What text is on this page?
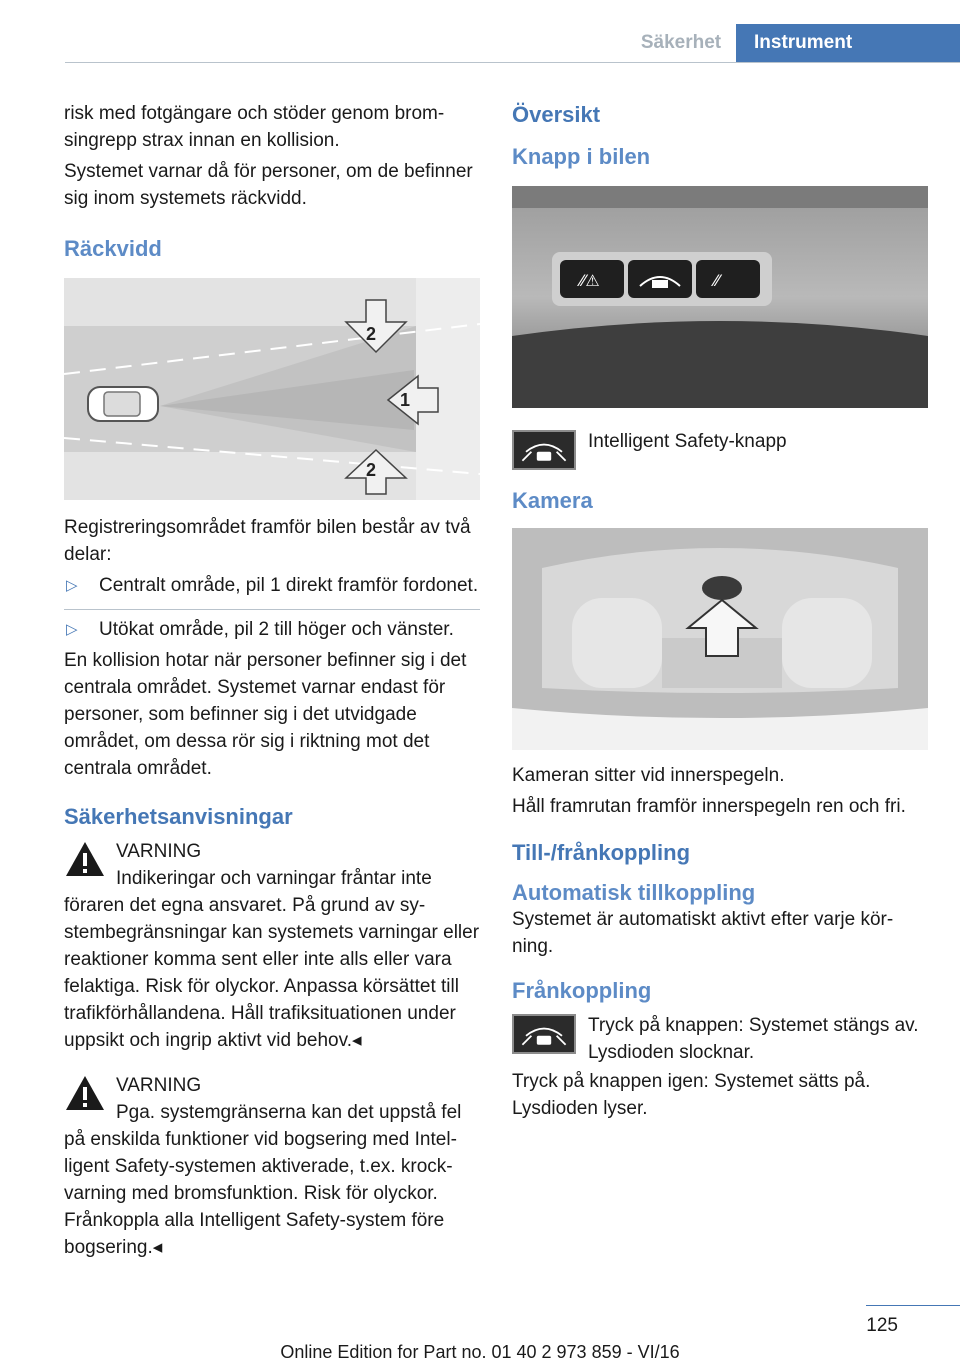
Säkerhet	Instrument

risk med fotgängare och stöder genom bromsingrepp strax innan en kollision.

Systemet varnar då för personer, om de befinner sig inom systemets räckvidd.

Räckvidd
2
1
2

Registreringsområdet framför bilen består av två delar:

▷ Centralt område, pil 1 direkt framför fordonet.
▷ Utökat område, pil 2 till höger och vänster.

En kollision hotar när personer befinner sig i det centrala området. Systemet varnar endast för personer, som befinner sig i det utvidgade området, om dessa rör sig i riktning mot det centrala området.

Säkerhetsanvisningar
VARNING
Indikeringar och varningar fråntar inte

föraren det egna ansvaret. På grund av systembegränsningar kan systemets varningar eller reaktioner komma sent eller inte alls eller vara felaktiga. Risk för olyckor. Anpassa körsättet till trafikförhållandena. Håll trafiksituationen under uppsikt och ingrip aktivt vid behov.◂

VARNING
Pga. systemgränserna kan det uppstå fel

på enskilda funktioner vid bogsering med Intelligent Safety-systemen aktiverade, t.ex. krockvarning med bromsfunktion. Risk för olyckor. Frånkoppla alla Intelligent Safety-system före bogsering.◂

Översikt
Knapp i bilen
⁄⁄⚠	⁄⁄
Intelligent Safety-knapp
Kamera

Kameran sitter vid innerspegeln.

Håll framrutan framför innerspegeln ren och fri.

Till-/frånkoppling
Automatisk tillkoppling

Systemet är automatiskt aktivt efter varje körning.

Frånkoppling
Tryck på knappen: Systemet stängs av. Lysdioden slocknar.

Tryck på knappen igen: Systemet sätts på. Lysdioden lyser.

125
Online Edition for Part no. 01 40 2 973 859 - VI/16
